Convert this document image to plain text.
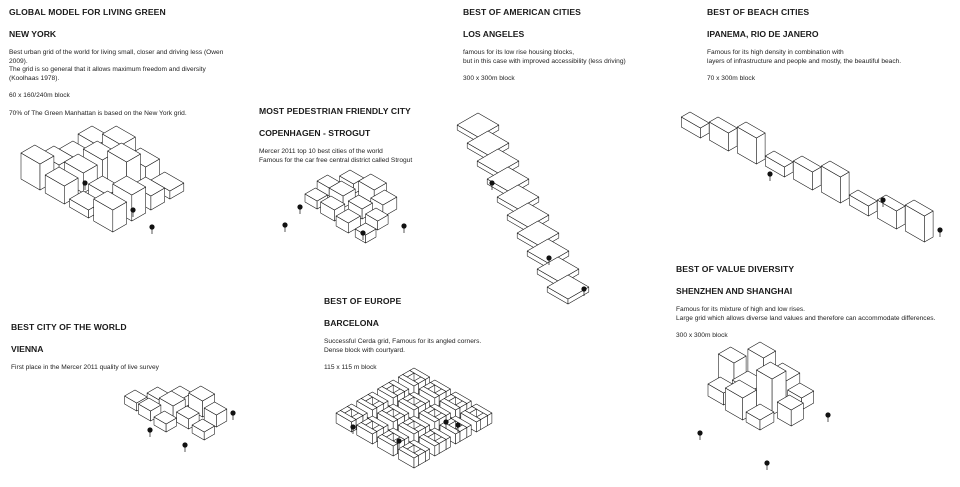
GLOBAL MODEL FOR LIVING GREEN
NEW YORK

Best urban grid of the world for living small, closer and driving less (Owen 2009).
The grid is so general that it allows maximum freedom and diversity (Koolhaas 1978).

60 x 160/240m block

70% of The Green Manhattan is based on the New York grid.	MOST PEDESTRIAN FRIENDLY CITY
COPENHAGEN - STROGUT

Mercer 2011 top 10 best cities of the world
Famous for the car free central district called Strogut

BEST OF AMERICAN CITIES
LOS ANGELES

famous for its low rise housing blocks,
but in this case with improved accessibility (less driving)

300 x 300m block

BEST OF BEACH CITIES
IPANEMA, RIO DE JANERO

Famous for its high density in combination with
layers of infrastructure and people and mostly, the beautiful beach.

70 x 300m block

BEST CITY OF THE WORLD
VIENNA

First place in the Mercer 2011 quality of live survey

BEST OF EUROPE
BARCELONA

Successful Cerda grid, Famous for its angled corners.
Dense block with courtyard.

115 x 115 m block

BEST OF VALUE DIVERSITY
SHENZHEN AND SHANGHAI

Famous for its mixture of high and low rises.
Large grid which allows diverse land values and therefore can accommodate differences.

300 x 300m block
